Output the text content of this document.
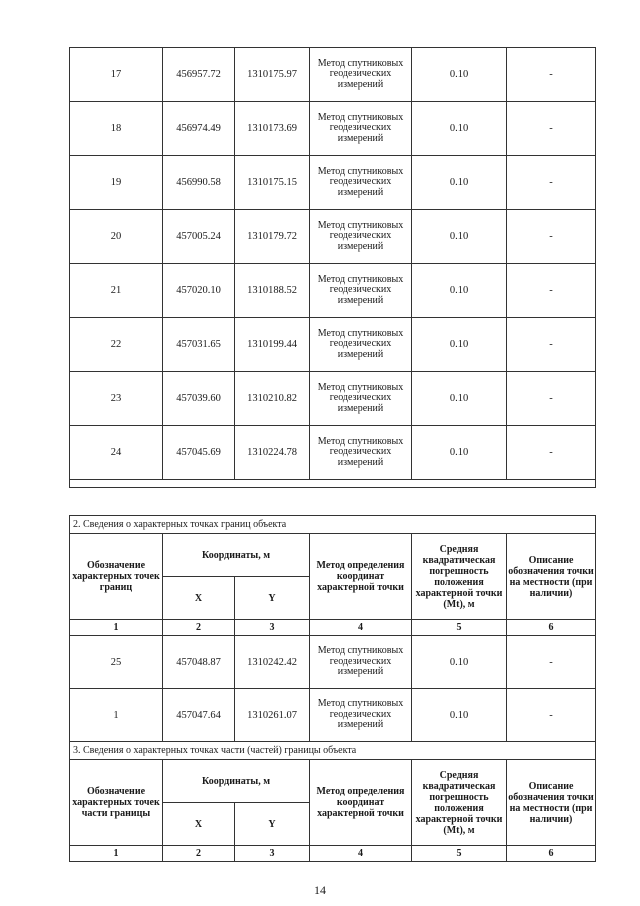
17	456957.72	1310175.97	Метод спутниковых геодезических измерений	0.10	-
18	456974.49	1310173.69	Метод спутниковых геодезических измерений	0.10	-
19	456990.58	1310175.15	Метод спутниковых геодезических измерений	0.10	-
20	457005.24	1310179.72	Метод спутниковых геодезических измерений	0.10	-
21	457020.10	1310188.52	Метод спутниковых геодезических измерений	0.10	-
22	457031.65	1310199.44	Метод спутниковых геодезических измерений	0.10	-
23	457039.60	1310210.82	Метод спутниковых геодезических измерений	0.10	-
24	457045.69	1310224.78	Метод спутниковых геодезических измерений	0.10	-

2. Сведения о характерных точках границ объекта					
Обозначение характерных точек границ	Координаты, м		Метод определения координат характерной точки	Средняя квадратическая погрешность положения характерной точки (Mt), м	Описание обозначения точки на местности (при наличии)
	X	Y			
1	2	3	4	5	6
25	457048.87	1310242.42	Метод спутниковых геодезических измерений	0.10	-
1	457047.64	1310261.07	Метод спутниковых геодезических измерений	0.10	-
3. Сведения о характерных точках части (частей) границы объекта					
Обозначение характерных точек части границы	Координаты, м		Метод определения координат характерной точки	Средняя квадратическая погрешность положения характерной точки (Mt), м	Описание обозначения точки на местности (при наличии)
	X	Y			
1	2	3	4	5	6
14
